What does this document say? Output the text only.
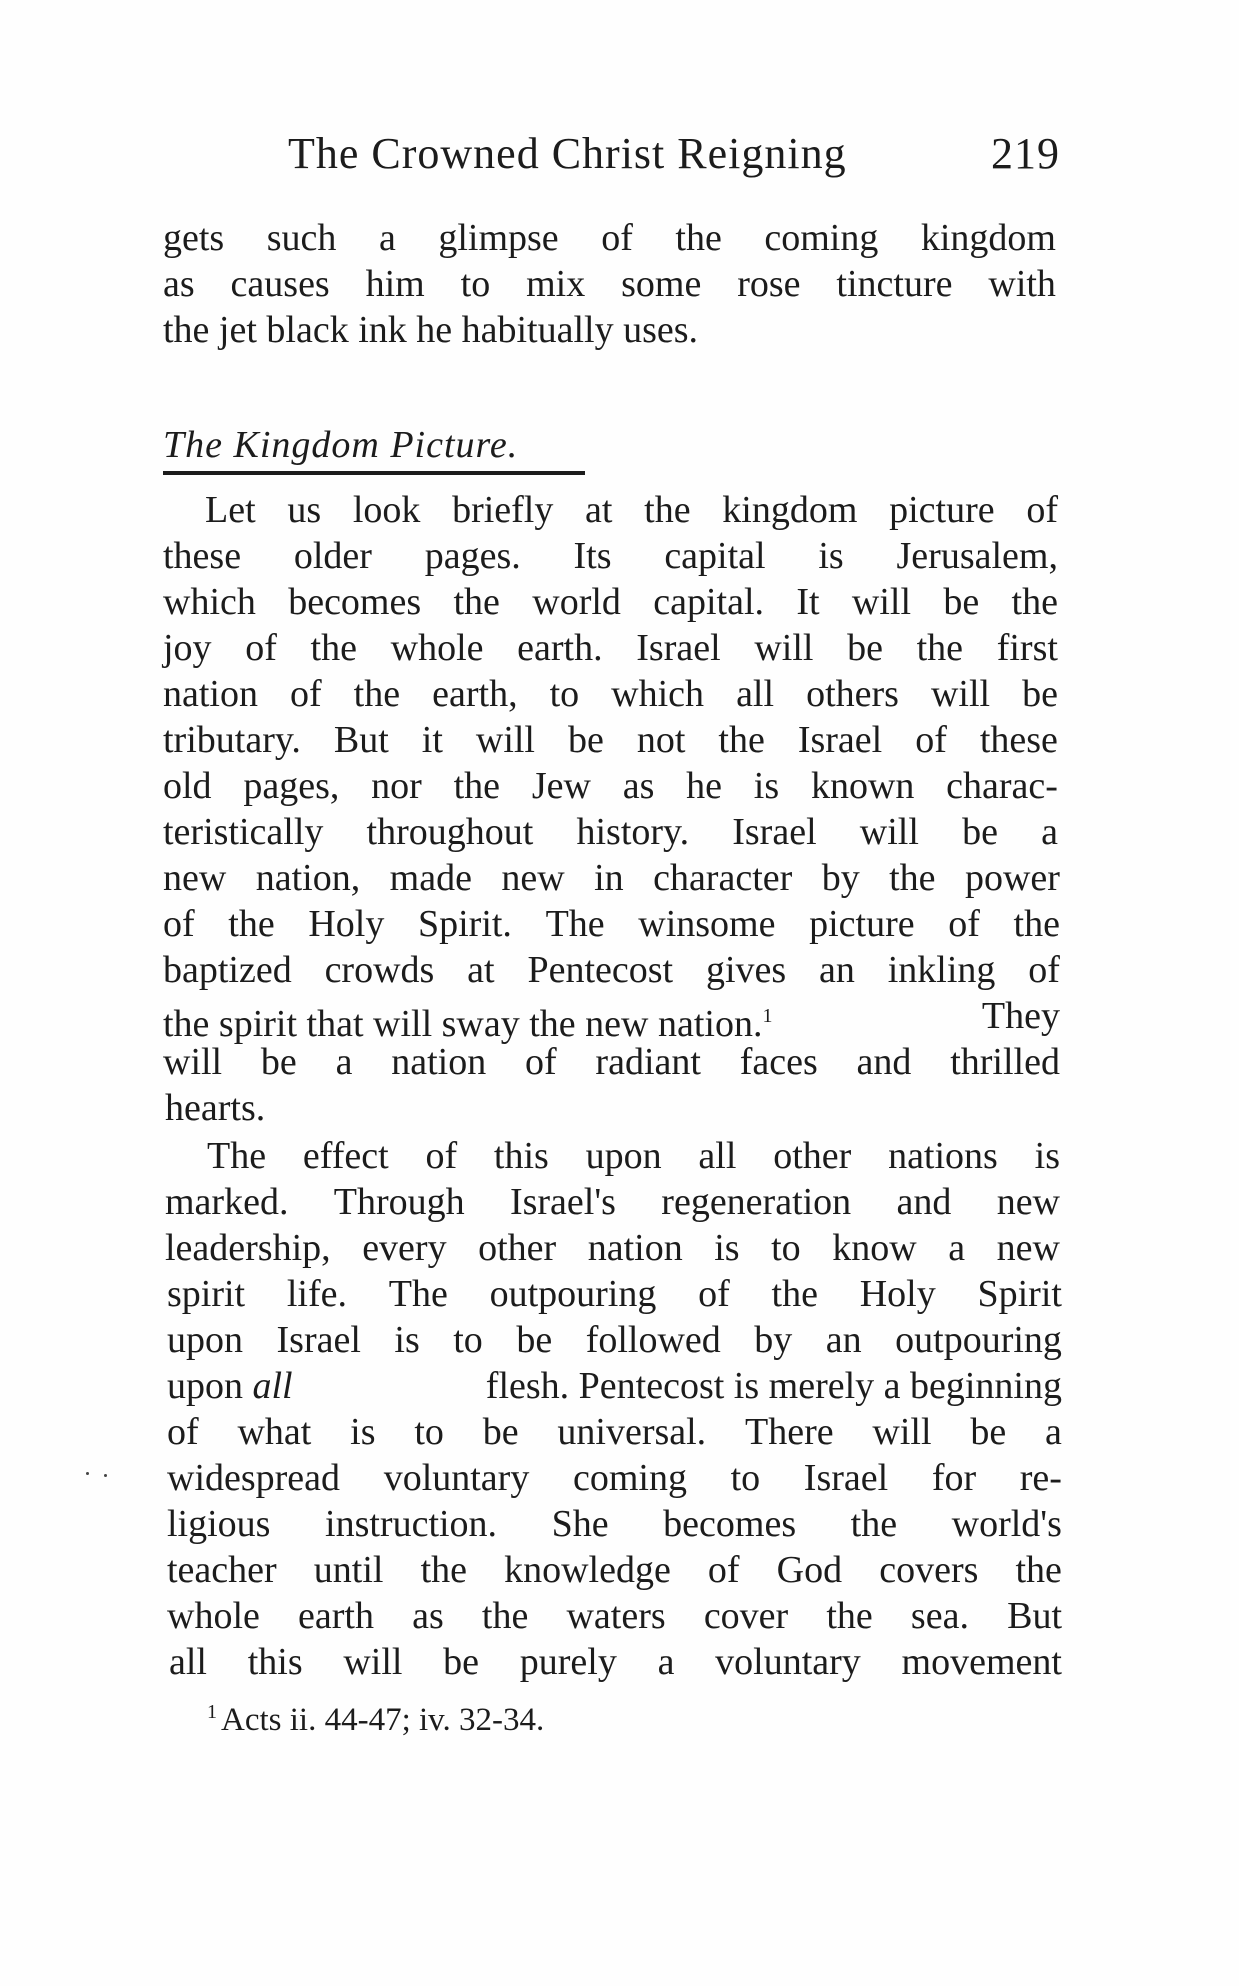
The Crowned Christ Reigning	219
gets such a glimpse of the coming kingdom
as causes him to mix some rose tincture with
the jet black ink he habitually uses.
The Kingdom Picture.
Let us look briefly at the kingdom picture of
these older pages. Its capital is Jerusalem,
which becomes the world capital. It will be the
joy of the whole earth. Israel will be the first
nation of the earth, to which all others will be
tributary. But it will be not the Israel of these
old pages, nor the Jew as he is known charac-
teristically throughout history. Israel will be a
new nation, made new in character by the power
of the Holy Spirit. The winsome picture of the
baptized crowds at Pentecost gives an inkling of
the spirit that will sway the new nation.$^1$	They
will be a nation of radiant faces and thrilled
hearts.
The effect of this upon all other nations is
marked. Through Israel's regeneration and new
leadership, every other nation is to know a new
spirit life. The outpouring of the Holy Spirit
upon Israel is to be followed by an outpouring
upon all	flesh. Pentecost is merely a beginning
of what is to be universal. There will be a
widespread voluntary coming to Israel for re-
ligious instruction. She becomes the world's
teacher until the knowledge of God covers the
whole earth as the waters cover the sea. But
all this will be purely a voluntary movement
$^1$ Acts ii. 44-47; iv. 32-34.
